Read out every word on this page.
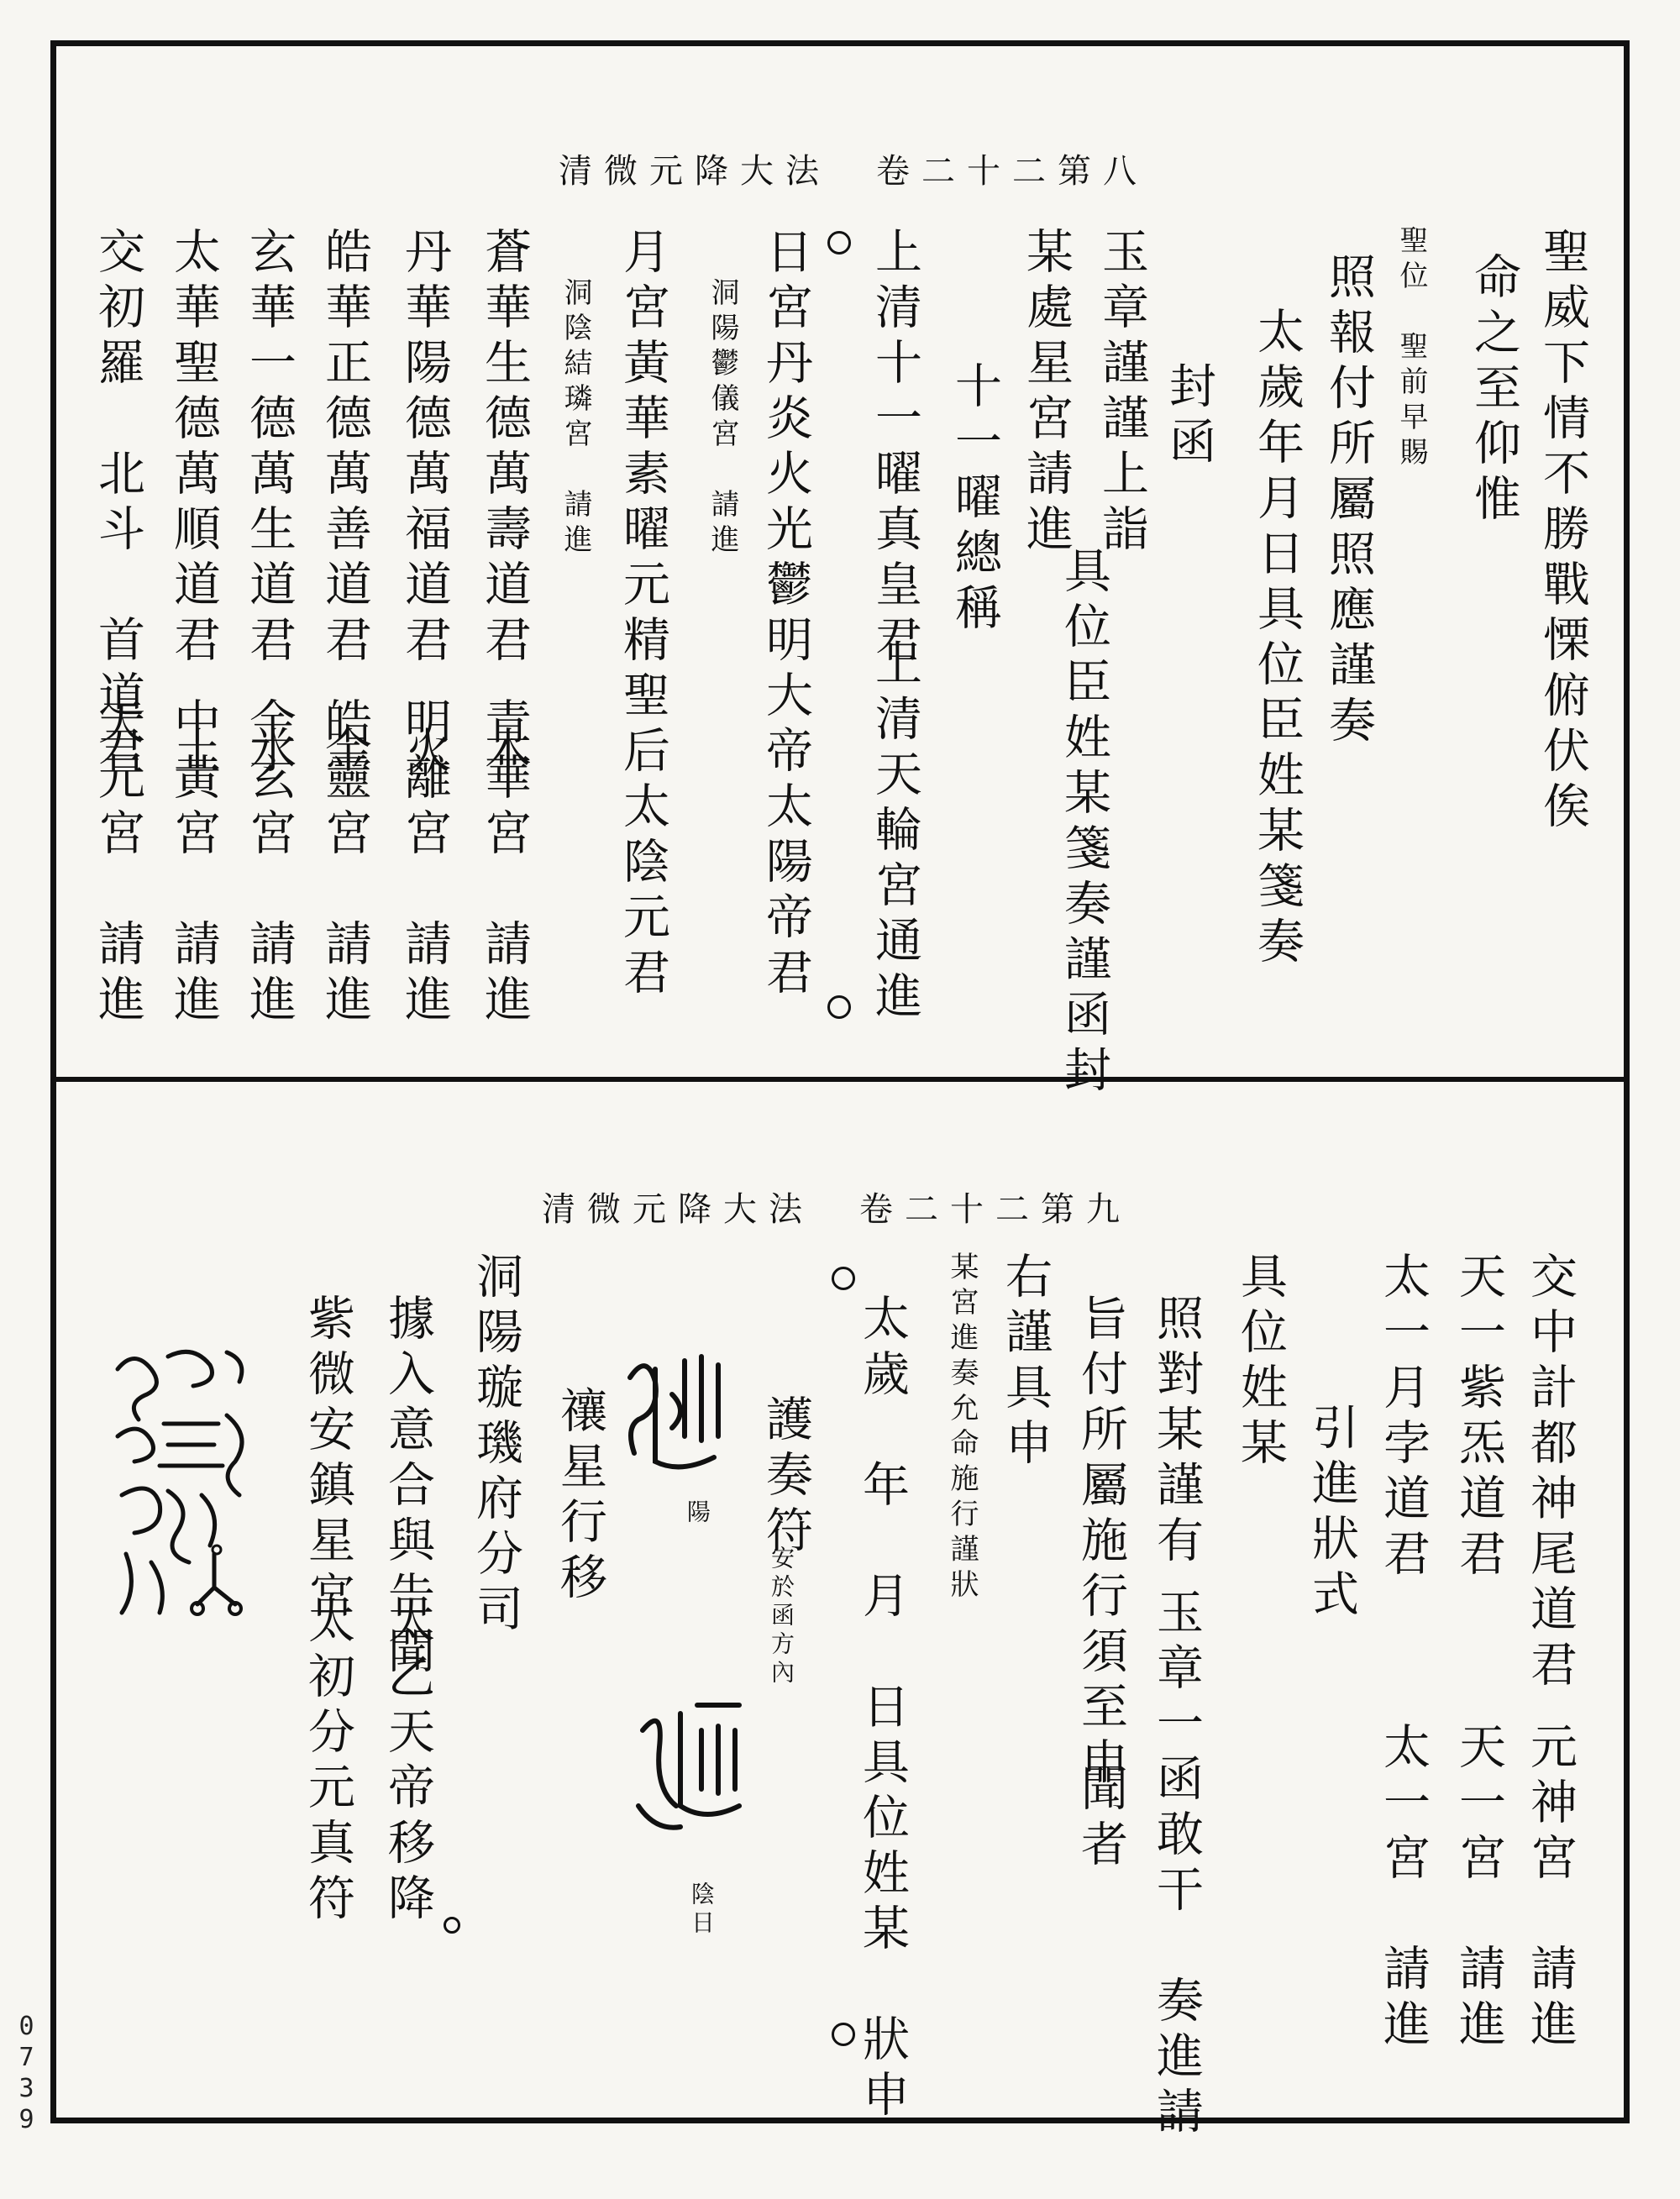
0739
清微元降大法　卷二十二第八
聖威下情不勝戰慄俯伏俟
命之至仰惟
聖位　聖前早賜
照報付所屬照應謹奏
太歲年月日具位臣姓某箋奏
封函
玉章謹謹上詣
具位臣姓某箋奏謹函封
某處星宮請進
十一曜總稱
上清十一曜真皇君
上清天輪宮通進
日宮丹炎火光鬱明大帝太陽帝君
洞陽鬱儀宮　請進
月宮黃華素曜元精聖后太陰元君
洞陰結璘宮　請進
蒼華生德萬壽道君　木
青華宮　請進
丹華陽德萬福道君　火
明離宮　請進
皓華正德萬善道君　金
皓靈宮　請進
玄華一德萬生道君　水
金玄宮　請進
太華聖德萬順道君　土
中黃宮　請進
交初羅　北斗　首道君
天元宮　請進
清微元降大法　卷二十二第九
交中計都神尾道君
元神宮　請進
天一紫炁道君
天一宮　請進
太一月孛道君
太一宮　請進
引進狀式
具位姓某
照對某謹有
玉章一函敢干　奏進請
旨付所屬施行須至申
聞者
右謹具申
某宮進奏允命施行謹狀
太歲　年　月　日具位姓某　狀申
護奏符
安於函方內
陽
陰日
洞陽璇璣府分司 禳星行移
據入意合與告聞
太乙天帝移降
紫微安鎮星宮
太初分元真符
